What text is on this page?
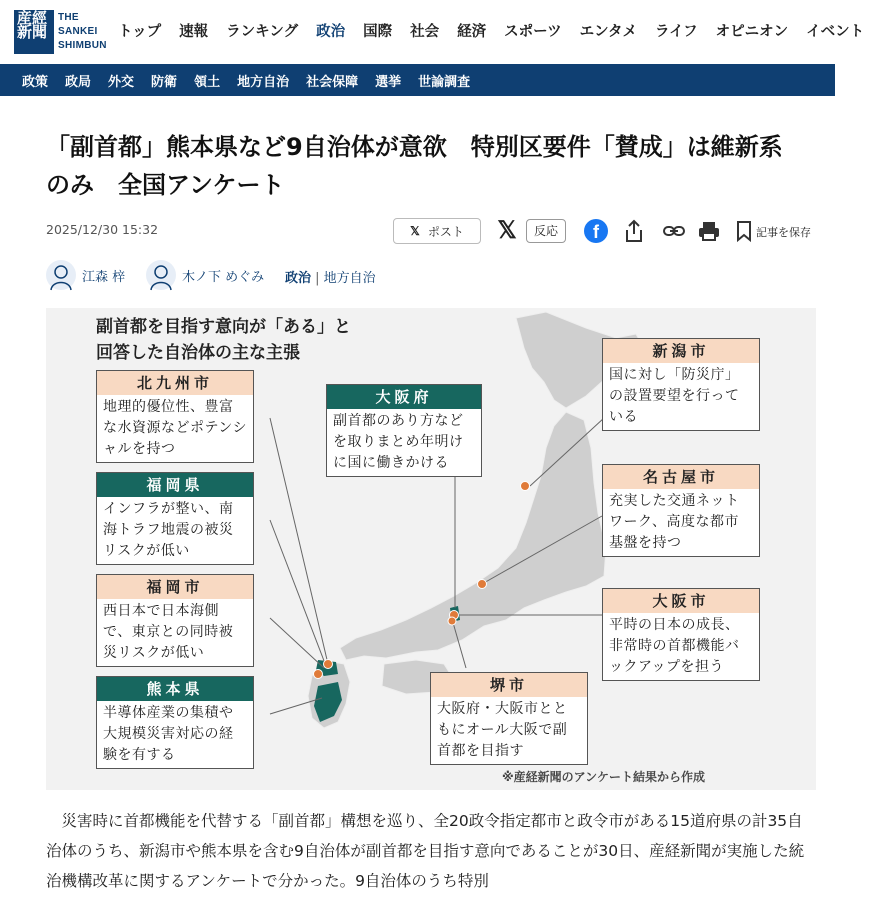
産經新聞
THE
SANKEI
SHIMBUN
トップ 速報 ランキング 政治 国際 社会 経済 スポーツ エンタメ ライフ オピニオン イベント
政策 政局 外交 防衛 領土 地方自治 社会保障 選挙 世論調査
「副首都」熊本県など9自治体が意欲　特別区要件「賛成」は維新系のみ　全国アンケート
2025/12/30 15:32	𝕏 ポスト 𝕏	反応	f	記事を保存
江森 梓	木ノ下 めぐみ 政治 | 地方自治
副首都を目指す意向が「ある」と
回答した自治体の主な主張
北九州市
地理的優位性、豊富な水資源などポテンシャルを持つ
福岡県
インフラが整い、南海トラフ地震の被災リスクが低い
福岡市
西日本で日本海側で、東京との同時被災リスクが低い
熊本県
半導体産業の集積や大規模災害対応の経験を有する
大阪府
副首都のあり方などを取りまとめ年明けに国に働きかける
新潟市
国に対し「防災庁」の設置要望を行っている
名古屋市
充実した交通ネットワーク、高度な都市基盤を持つ
大阪市
平時の日本の成長、非常時の首都機能バックアップを担う
堺市
大阪府・大阪市とともにオール大阪で副首都を目指す
※産経新聞のアンケート結果から作成

災害時に首都機能を代替する「副首都」構想を巡り、全20政令指定都市と政令市がある15道府県の計35自治体のうち、新潟市や熊本県を含む9自治体が副首都を目指す意向であることが30日、産経新聞が実施した統治機構改革に関するアンケートで分かった。9自治体のうち特別
